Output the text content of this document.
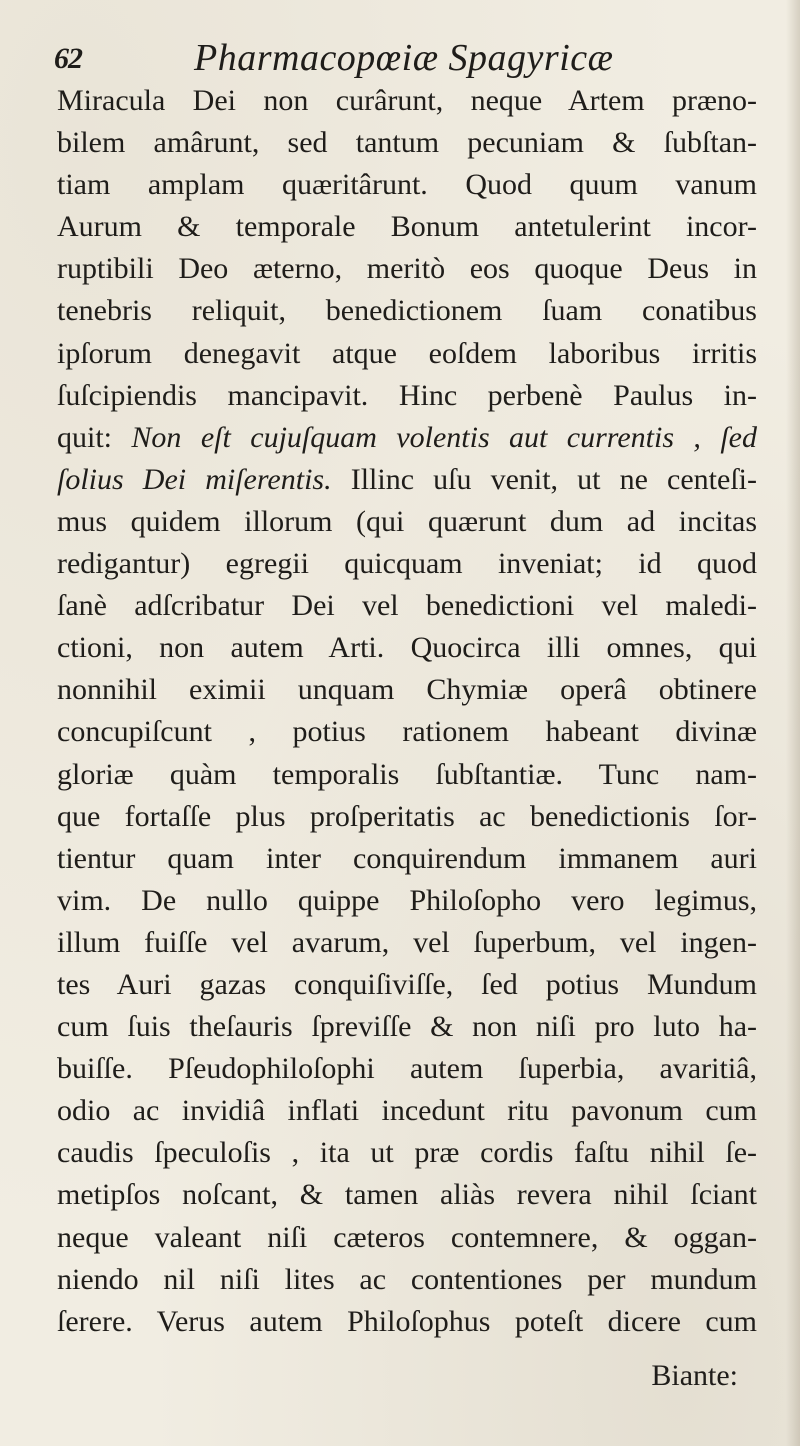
62	Pharmacopœiæ Spagyricæ
Miracula Dei non curârunt, neque Artem præno-
bilem amârunt, sed tantum pecuniam & ſubſtan-
tiam amplam quæritârunt. Quod quum vanum
Aurum & temporale Bonum antetulerint incor-
ruptibili Deo æterno, meritò eos quoque Deus in
tenebris reliquit, benedictionem ſuam conatibus
ipſorum denegavit atque eoſdem laboribus irritis
ſuſcipiendis mancipavit. Hinc perbenè Paulus in-
quit: Non eſt cujuſquam volentis aut currentis , ſed
ſolius Dei miſerentis. Illinc uſu venit, ut ne centeſi-
mus quidem illorum (qui quærunt dum ad incitas
redigantur) egregii quicquam inveniat; id quod
ſanè adſcribatur Dei vel benedictioni vel maledi-
ctioni, non autem Arti. Quocirca illi omnes, qui
nonnihil eximii unquam Chymiæ operâ obtinere
concupiſcunt , potius rationem habeant divinæ
gloriæ quàm temporalis ſubſtantiæ. Tunc nam-
que fortaſſe plus proſperitatis ac benedictionis ſor-
tientur quam inter conquirendum immanem auri
vim. De nullo quippe Philoſopho vero legimus,
illum fuiſſe vel avarum, vel ſuperbum, vel ingen-
tes Auri gazas conquiſiviſſe, ſed potius Mundum
cum ſuis theſauris ſpreviſſe & non niſi pro luto ha-
buiſſe. Pſeudophiloſophi autem ſuperbia, avaritiâ,
odio ac invidiâ inflati incedunt ritu pavonum cum
caudis ſpeculoſis , ita ut præ cordis faſtu nihil ſe-
metipſos noſcant, & tamen aliàs revera nihil ſciant
neque valeant niſi cæteros contemnere, & oggan-
niendo nil niſi lites ac contentiones per mundum
ſerere. Verus autem Philoſophus poteſt dicere cum
Biante:
